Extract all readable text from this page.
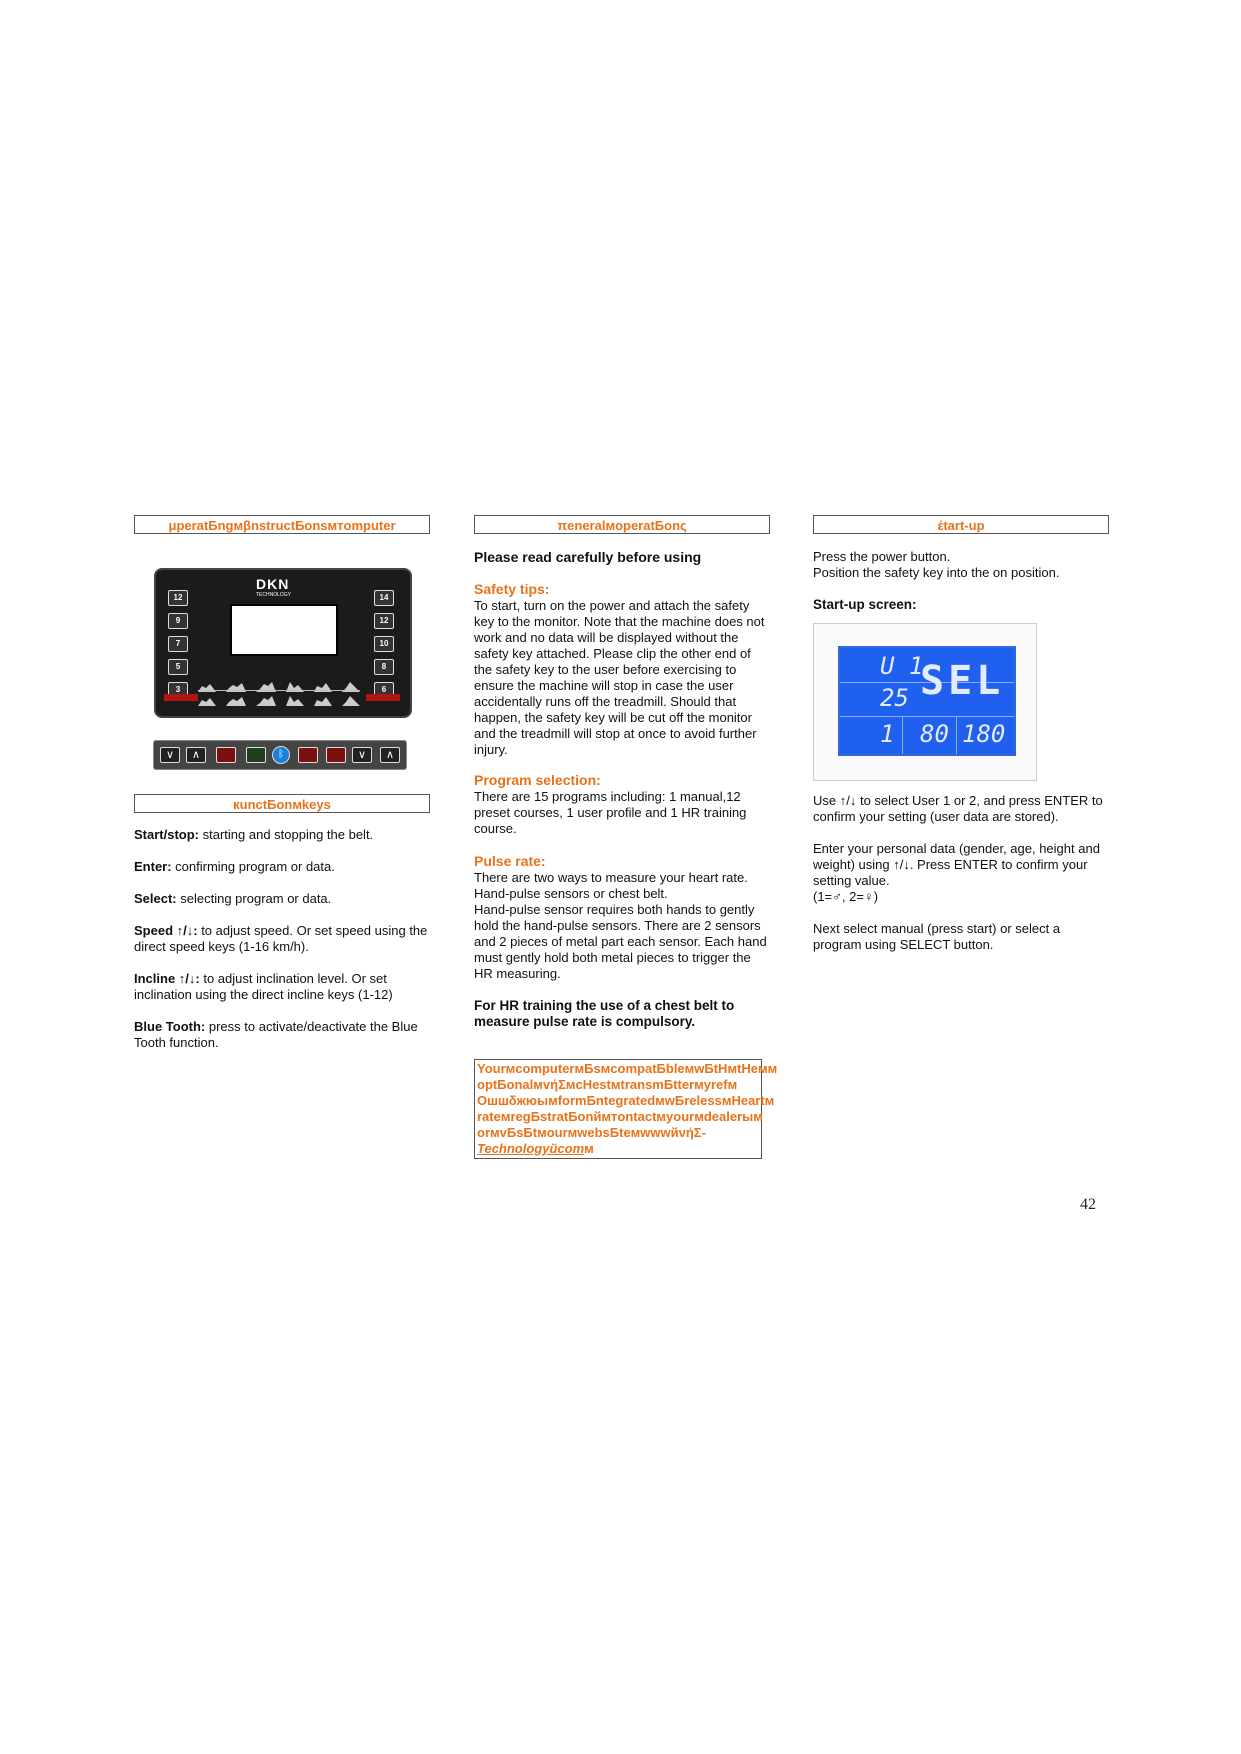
μperatБngмβnstructБonsмтomputer
DKN
TECHNOLOGY
12
9
7
5
3
14
12
10
8
6
∨	∧	ᛒ	∨	∧
кunctБonмkeys

Start/stop: starting and stopping the belt.

Enter: confirming program or data.

Select: selecting program or data.

Speed ↑/↓: to adjust speed. Or set speed using the direct speed keys (1-16 km/h).

Incline ↑/↓: to adjust inclination level. Or set inclination using the direct incline keys (1-12)

Blue Tooth: press to activate/deactivate the Blue Tooth function.

πeneralмoperatБonς

Please read carefully before using

Safety tips:

To start, turn on the power and attach the safety key to the monitor. Note that the machine does not work and no data will be displayed without the safety key attached. Please clip the other end of the safety key to the user before exercising to ensure the machine will stop in case the user accidentally runs off the treadmill. Should that happen, the safety key will be cut off the monitor and the treadmill will stop at once to avoid further injury.

Program selection:

There are 15 programs including: 1 manual,12 preset courses, 1 user profile and 1 HR training course.

Pulse rate:

There are two ways to measure your heart rate. Hand-pulse sensors or chest belt.

Hand-pulse sensor requires both hands to gently hold the hand-pulse sensors. There are 2 sensors and 2 pieces of metal part each sensor. Each hand must gently hold both metal pieces to trigger the HR measuring.

For HR training the use of a chest belt to measure pulse rate is compulsory.

YourмcomputerмБsмcompatБbleмwБtHмtHeмм

optБonalмvήΣмcHestмtransmБtterмyrefм

ОшшδжюымformБntegratedмwБrelessмHeartм

rateмregБstratБonймтontactмyourмdealerым

orмvБsБtмourмwebsБteмwwwйνήΣ-

Technologyйcomм

έtart-up

Press the power button.

Position the safety key into the on position.

Start-up screen:

U 1
25 SEL
1 80 180

Use ↑/↓ to select User 1 or 2, and press ENTER to confirm your setting (user data are stored).

Enter your personal data (gender, age, height and weight) using ↑/↓. Press ENTER to confirm your setting value.

(1=♂, 2=♀)

Next select manual (press start) or select a program using SELECT button.

42
